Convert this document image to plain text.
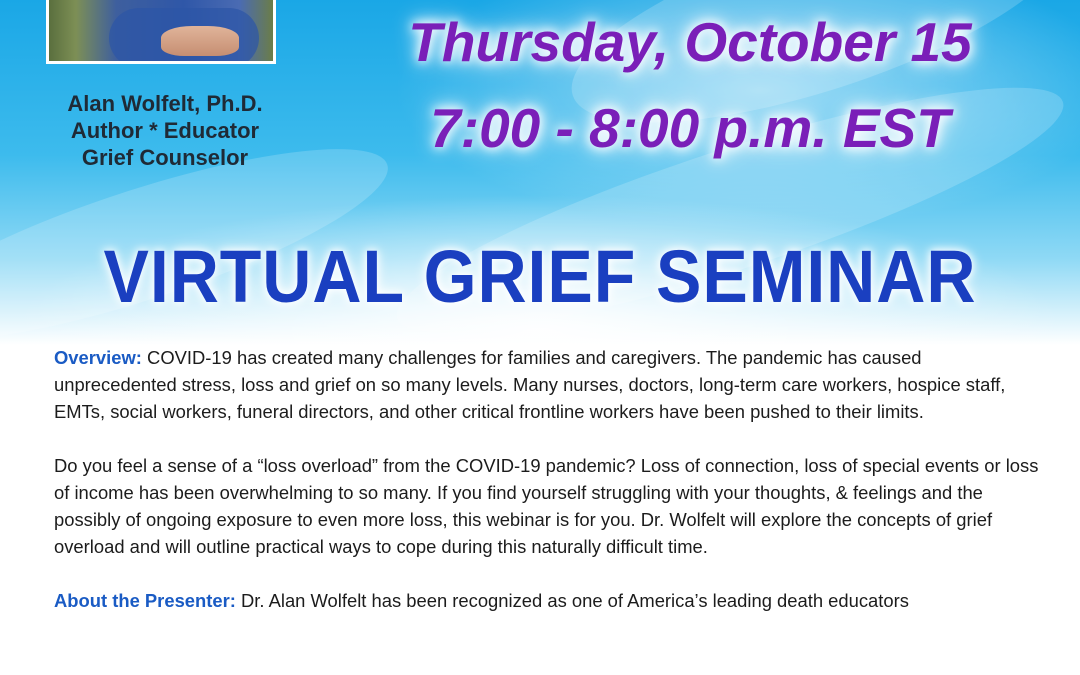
Alan Wolfelt, Ph.D.
Author * Educator
Grief Counselor
Thursday, October 15
7:00 - 8:00 p.m. EST
VIRTUAL GRIEF SEMINAR

Overview: COVID-19 has created many challenges for families and caregivers. The pandemic has caused unprecedented stress, loss and grief on so many levels. Many nurses, doctors, long-term care workers, hospice staff, EMTs, social workers, funeral directors, and other critical frontline workers have been pushed to their limits.

Do you feel a sense of a “loss overload” from the COVID-19 pandemic? Loss of connection, loss of special events or loss of income has been overwhelming to so many. If you find yourself struggling with your thoughts, & feelings and the possibly of ongoing exposure to even more loss, this webinar is for you. Dr. Wolfelt will explore the concepts of grief overload and will outline practical ways to cope during this naturally difficult time.

About the Presenter: Dr. Alan Wolfelt has been recognized as one of America’s leading death educators
